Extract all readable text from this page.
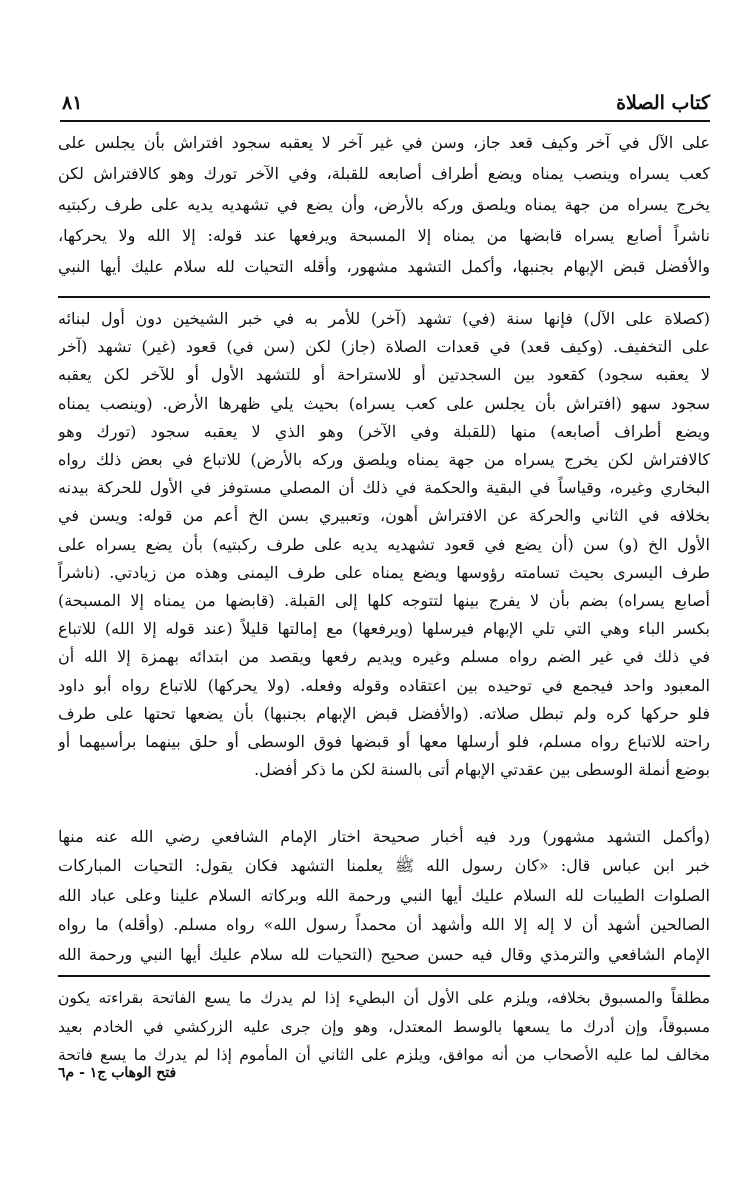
٨١	كتاب الصلاة
على الآل في آخر وكيف قعد جاز، وسن في غير آخر لا يعقبه سجود افتراش بأن يجلس على
كعب يسراه وينصب يمناه ويضع أطراف أصابعه للقبلة، وفي الآخر تورك وهو كالافتراش لكن
يخرج يسراه من جهة يمناه ويلصق وركه بالأرض، وأن يضع في تشهديه يديه على طرف ركبتيه
ناشراً أصابع يسراه قابضها من يمناه إلا المسبحة ويرفعها عند قوله: إلا الله ولا يحركها،
والأفضل قبض الإبهام بجنبها، وأكمل التشهد مشهور، وأقله التحيات لله سلام عليك أيها النبي
(كصلاة على الآل) فإنها سنة (في) تشهد (آخر) للأمر به في خبر الشيخين دون أول لبنائه
على التخفيف. (وكيف قعد) في قعدات الصلاة (جاز) لكن (سن في) قعود (غير) تشهد (آخر
لا يعقبه سجود) كقعود بين السجدتين أو للاستراحة أو للتشهد الأول أو للآخر لكن يعقبه
سجود سهو (افتراش بأن يجلس على كعب يسراه) بحيث يلي ظهرها الأرض. (وينصب يمناه
ويضع أطراف أصابعه) منها (للقبلة وفي الآخر) وهو الذي لا يعقبه سجود (تورك وهو
كالافتراش لكن يخرج يسراه من جهة يمناه ويلصق وركه بالأرض) للاتباع في بعض ذلك رواه
البخاري وغيره، وقياساً في البقية والحكمة في ذلك أن المصلي مستوفز في الأول للحركة بيدنه
بخلافه في الثاني والحركة عن الافتراش أهون، وتعبيري بسن الخ أعم من قوله: ويسن في
الأول الخ (و) سن (أن يضع في قعود تشهديه يديه على طرف ركبتيه) بأن يضع يسراه على
طرف اليسرى بحيث تسامته رؤوسها ويضع يمناه على طرف اليمنى وهذه من زيادتي. (ناشراً
أصابع يسراه) بضم بأن لا يفرج بينها لتتوجه كلها إلى القبلة. (قابضها من يمناه إلا المسبحة)
بكسر الباء وهي التي تلي الإبهام فيرسلها (ويرفعها) مع إمالتها قليلاً (عند قوله إلا الله) للاتباع
في ذلك في غير الضم رواه مسلم وغيره ويديم رفعها ويقصد من ابتدائه بهمزة إلا الله أن
المعبود واحد فيجمع في توحيده بين اعتقاده وقوله وفعله. (ولا يحركها) للاتباع رواه أبو داود
فلو حركها كره ولم تبطل صلاته. (والأفضل قبض الإبهام بجنبها) بأن يضعها تحتها على طرف
راحته للاتباع رواه مسلم، فلو أرسلها معها أو قبضها فوق الوسطى أو حلق بينهما برأسيهما أو
بوضع أنملة الوسطى بين عقدتي الإبهام أتى بالسنة لكن ما ذكر أفضل.
(وأكمل التشهد مشهور) ورد فيه أخبار صحيحة اختار الإمام الشافعي رضي الله عنه منها
خبر ابن عباس قال: «كان رسول الله ﷺ يعلمنا التشهد فكان يقول: التحيات المباركات
الصلوات الطيبات لله السلام عليك أيها النبي ورحمة الله وبركاته السلام علينا وعلى عباد الله
الصالحين أشهد أن لا إله إلا الله وأشهد أن محمداً رسول الله» رواه مسلم. (وأقله) ما رواه
الإمام الشافعي والترمذي وقال فيه حسن صحيح (التحيات لله سلام عليك أيها النبي ورحمة الله
مطلقاً والمسبوق بخلافه، ويلزم على الأول أن البطيء إذا لم يدرك ما يسع الفاتحة بقراءته يكون
مسبوقاً، وإن أدرك ما يسعها بالوسط المعتدل، وهو وإن جرى عليه الزركشي في الخادم بعيد
مخالف لما عليه الأصحاب من أنه موافق، ويلزم على الثاني أن المأموم إذا لم يدرك ما يسع فاتحة
فتح الوهاب ج١ - م٦
